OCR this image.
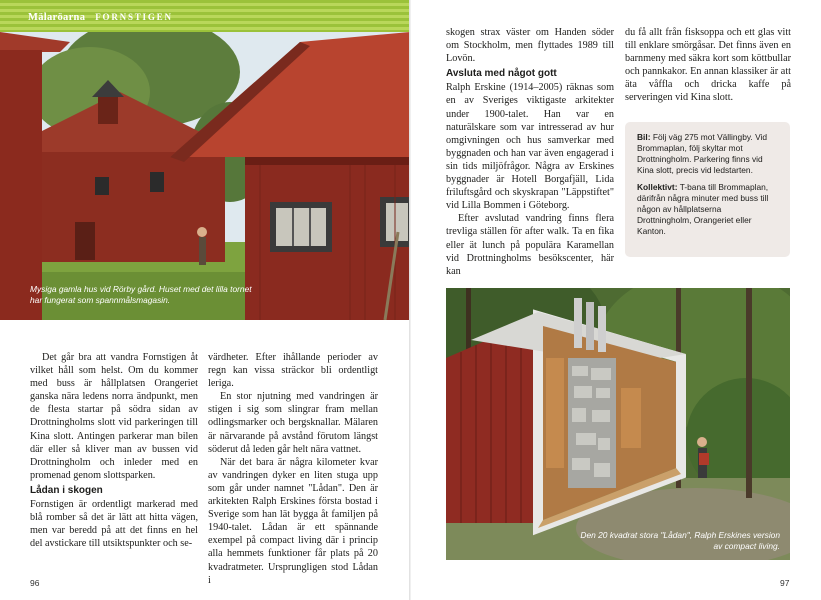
Mälaröarna FORNSTIGEN
Mysiga gamla hus vid Rörby gård. Huset med det lilla tornet har fungerat som spannmålsmagasin.

Det går bra att vandra Fornstigen åt vilket håll som helst. Om du kommer med buss är hållplatsen Orangeriet ganska nära ledens norra ändpunkt, men de flesta startar på södra sidan av Drottningholms slott vid parkeringen till Kina slott. Antingen parkerar man bilen där eller så kliver man av bussen vid Drottningholm och inleder med en promenad genom slottsparken.

Lådan i skogen

Fornstigen är ordentligt markerad med blå romber så det är lätt att hitta vägen, men var beredd på att det finns en hel del avstickare till utsiktspunkter och se-

värdheter. Efter ihållande perioder av regn kan vissa sträckor bli ordentligt leriga.

En stor njutning med vandringen är stigen i sig som slingrar fram mellan odlingsmarker och bergsknallar. Mälaren är närvarande på avstånd förutom längst söderut då leden går helt nära vattnet.

När det bara är några kilometer kvar av vandringen dyker en liten stuga upp som går under namnet "Lådan". Den är arkitekten Ralph Erskines första bostad i Sverige som han lät bygga åt familjen på 1940-talet. Lådan är ett spännande exempel på compact living där i princip alla hemmets funktioner får plats på 20 kvadratmeter. Ursprungligen stod Lådan i

96

skogen strax väster om Handen söder om Stockholm, men flyttades 1989 till Lovön.

Avsluta med något gott

Ralph Erskine (1914–2005) räknas som en av Sveriges viktigaste arkitekter under 1900-talet. Han var en naturälskare som var intresserad av hur omgivningen och hus samverkar med byggnaden och han var även engagerad i sin tids miljöfrågor. Några av Erskines byggnader är Hotell Borgafjäll, Lida friluftsgård och skyskrapan "Läppstiftet" vid Lilla Bommen i Göteborg.

Efter avslutad vandring finns flera trevliga ställen för after walk. Ta en fika eller ät lunch på populära Karamellan vid Drottningholms besökscenter, här kan

du få allt från fisksoppa och ett glas vitt till enklare smörgåsar. Det finns även en barnmeny med säkra kort som köttbullar och pannkakor. En annan klassiker är att äta våffla och dricka kaffe på serveringen vid Kina slott.

Bil: Följ väg 275 mot Vällingby. Vid Brommaplan, följ skyltar mot Drottningholm. Parkering finns vid Kina slott, precis vid ledstarten.

Kollektivt: T-bana till Brommaplan, därifrån några minuter med buss till någon av hållplatserna Drottningholm, Orangeriet eller Kanton.

Den 20 kvadrat stora "Lådan", Ralph Erskines version av compact living.
97
